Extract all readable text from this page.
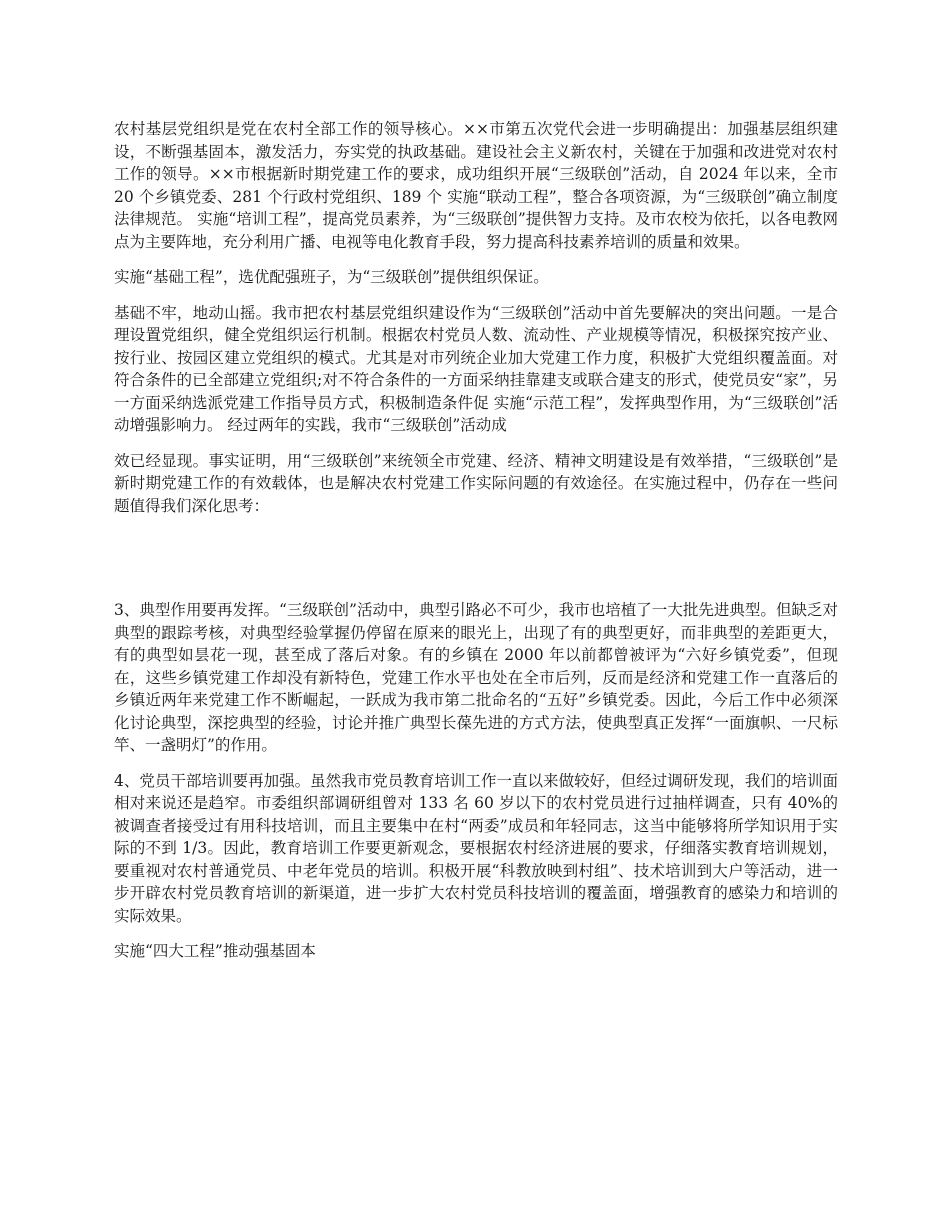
农村基层党组织是党在农村全部工作的领导核心。××市第五次党代会进一步明确提出：加强基层组织建设，不断强基固本，激发活力，夯实党的执政基础。建设社会主义新农村，关键在于加强和改进党对农村工作的领导。××市根据新时期党建工作的要求，成功组织开展“三级联创”活动，自 2024 年以来，全市 20 个乡镇党委、281 个行政村党组织、189 个 实施“联动工程”，整合各项资源，为“三级联创”确立制度法律规范。 实施“培训工程”，提高党员素养，为“三级联创”提供智力支持。及市农校为依托，以各电教网点为主要阵地，充分利用广播、电视等电化教育手段，努力提高科技素养培训的质量和效果。

实施“基础工程”，选优配强班子，为“三级联创”提供组织保证。

基础不牢，地动山摇。我市把农村基层党组织建设作为“三级联创”活动中首先要解决的突出问题。一是合理设置党组织，健全党组织运行机制。根据农村党员人数、流动性、产业规模等情况，积极探究按产业、按行业、按园区建立党组织的模式。尤其是对市列统企业加大党建工作力度，积极扩大党组织覆盖面。对符合条件的已全部建立党组织;对不符合条件的一方面采纳挂靠建支或联合建支的形式，使党员安“家”，另一方面采纳选派党建工作指导员方式，积极制造条件促 实施“示范工程”，发挥典型作用，为“三级联创”活动增强影响力。 经过两年的实践，我市“三级联创”活动成

效已经显现。事实证明，用“三级联创”来统领全市党建、经济、精神文明建设是有效举措，“三级联创”是新时期党建工作的有效载体，也是解决农村党建工作实际问题的有效途径。在实施过程中，仍存在一些问题值得我们深化思考：

3、典型作用要再发挥。“三级联创”活动中，典型引路必不可少，我市也培植了一大批先进典型。但缺乏对典型的跟踪考核，对典型经验掌握仍停留在原来的眼光上，出现了有的典型更好，而非典型的差距更大，有的典型如昙花一现，甚至成了落后对象。有的乡镇在 2000 年以前都曾被评为“六好乡镇党委”，但现在，这些乡镇党建工作却没有新特色，党建工作水平也处在全市后列，反而是经济和党建工作一直落后的乡镇近两年来党建工作不断崛起，一跃成为我市第二批命名的“五好”乡镇党委。因此，今后工作中必须深化讨论典型，深挖典型的经验，讨论并推广典型长葆先进的方式方法，使典型真正发挥“一面旗帜、一尺标竿、一盏明灯”的作用。

4、党员干部培训要再加强。虽然我市党员教育培训工作一直以来做较好，但经过调研发现，我们的培训面相对来说还是趋窄。市委组织部调研组曾对 133 名 60 岁以下的农村党员进行过抽样调查，只有 40%的被调查者接受过有用科技培训，而且主要集中在村“两委”成员和年轻同志，这当中能够将所学知识用于实际的不到 1/3。因此，教育培训工作要更新观念，要根据农村经济进展的要求，仔细落实教育培训规划，要重视对农村普通党员、中老年党员的培训。积极开展“科教放映到村组”、技术培训到大户等活动，进一步开辟农村党员教育培训的新渠道，进一步扩大农村党员科技培训的覆盖面，增强教育的感染力和培训的实际效果。

实施“四大工程”推动强基固本
